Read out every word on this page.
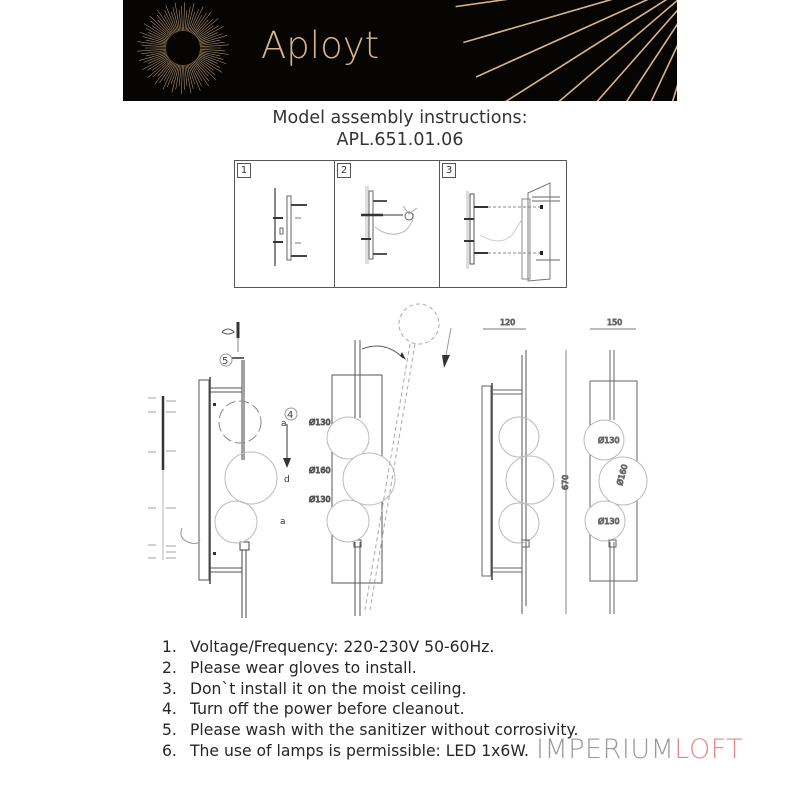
Aployt
Model assembly instructions:
APL.651.01.06
1	2	3
5
4
a
d
a
Ø130
Ø160
Ø130
120
670
150
Ø130
Ø160
Ø130
1. Voltage/Frequency: 220-230V 50-60Hz.
2. Please wear gloves to install.
3. Don`t install it on the moist ceiling.
4. Turn off the power before cleanout.
5. Please wash with the sanitizer without corrosivity.
6. The use of lamps is permissible: LED 1x6W. IMPERIUMLOFT
